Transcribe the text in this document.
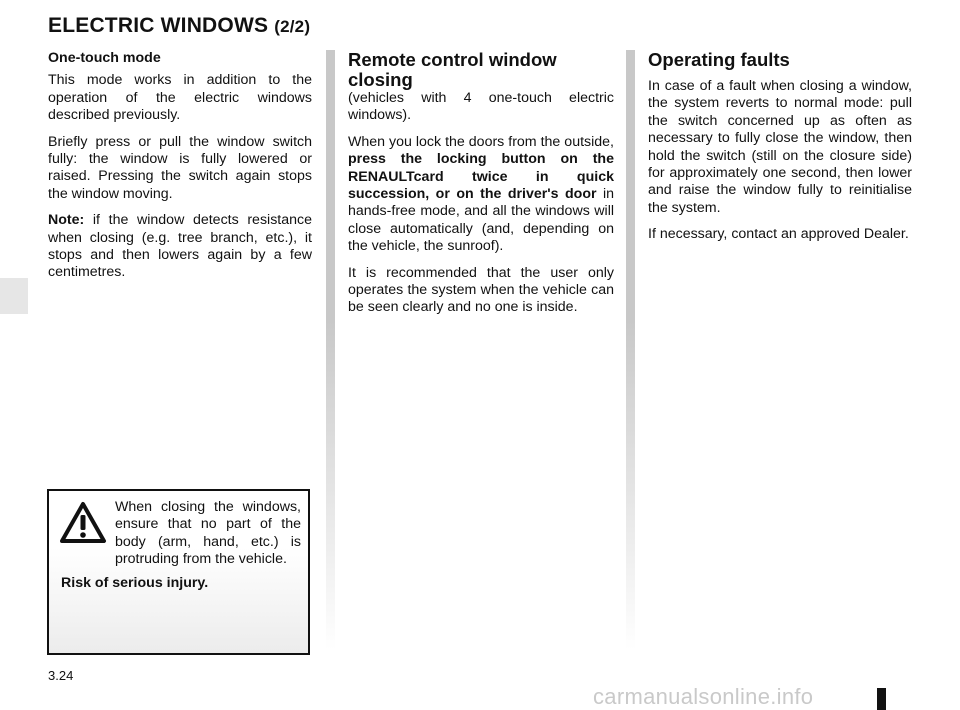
ELECTRIC WINDOWS (2/2)
One-touch mode

This mode works in addition to the operation of the electric windows described previously.

Briefly press or pull the window switch fully: the window is fully lowered or raised. Pressing the switch again stops the window moving.

Note: if the window detects resistance when closing (e.g. tree branch, etc.), it stops and then lowers again by a few centimetres.

When closing the windows, ensure that no part of the body (arm, hand, etc.) is protruding from the vehicle.

Risk of serious injury.

Remote control window closing

(vehicles with 4 one-touch electric windows).

When you lock the doors from the outside, press the locking button on the RENAULTcard twice in quick succession, or on the driver's door in hands-free mode, and all the windows will close automatically (and, depending on the vehicle, the sunroof).

It is recommended that the user only operates the system when the vehicle can be seen clearly and no one is inside.

Operating faults

In case of a fault when closing a window, the system reverts to normal mode: pull the switch concerned up as often as necessary to fully close the window, then hold the switch (still on the closure side) for approximately one second, then lower and raise the window fully to reinitialise the system.

If necessary, contact an approved Dealer.

3.24

carmanualsonline.info
